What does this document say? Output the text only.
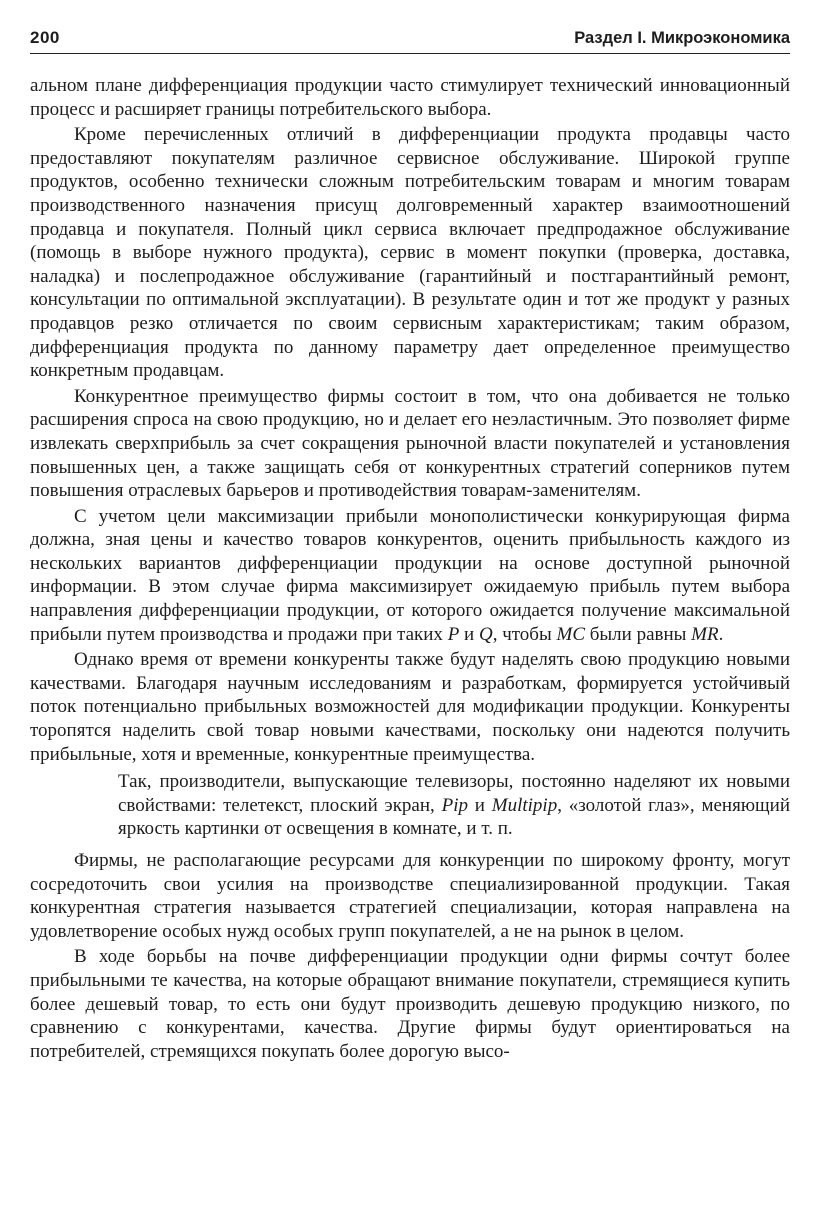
200	Раздел I. Микроэкономика

альном плане дифференциация продукции часто стимулирует технический инновационный процесс и расширяет границы потребительского выбора.

Кроме перечисленных отличий в дифференциации продукта продавцы часто предоставляют покупателям различное сервисное обслуживание. Широкой группе продуктов, особенно технически сложным потребительским товарам и многим товарам производственного назначения присущ долговременный характер взаимоотношений продавца и покупателя. Полный цикл сервиса включает предпродажное обслуживание (помощь в выборе нужного продукта), сервис в момент покупки (проверка, доставка, наладка) и послепродажное обслуживание (гарантийный и постгарантийный ремонт, консультации по оптимальной эксплуатации). В результате один и тот же продукт у разных продавцов резко отличается по своим сервисным характеристикам; таким образом, дифференциация продукта по данному параметру дает определенное преимущество конкретным продавцам.

Конкурентное преимущество фирмы состоит в том, что она добивается не только расширения спроса на свою продукцию, но и делает его неэластичным. Это позволяет фирме извлекать сверхприбыль за счет сокращения рыночной власти покупателей и установления повышенных цен, а также защищать себя от конкурентных стратегий соперников путем повышения отраслевых барьеров и противодействия товарам-заменителям.

С учетом цели максимизации прибыли монополистически конкурирующая фирма должна, зная цены и качество товаров конкурентов, оценить прибыльность каждого из нескольких вариантов дифференциации продукции на основе доступной рыночной информации. В этом случае фирма максимизирует ожидаемую прибыль путем выбора направления дифференциации продукции, от которого ожидается получение максимальной прибыли путем производства и продажи при таких P и Q, чтобы MC были равны MR.

Однако время от времени конкуренты также будут наделять свою продукцию новыми качествами. Благодаря научным исследованиям и разработкам, формируется устойчивый поток потенциально прибыльных возможностей для модификации продукции. Конкуренты торопятся наделить свой товар новыми качествами, поскольку они надеются получить прибыльные, хотя и временные, конкурентные преимущества.

Так, производители, выпускающие телевизоры, постоянно наделяют их новыми свойствами: телетекст, плоский экран, Pip и Multipip, «золотой глаз», меняющий яркость картинки от освещения в комнате, и т. п.

Фирмы, не располагающие ресурсами для конкуренции по широкому фронту, могут сосредоточить свои усилия на производстве специализированной продукции. Такая конкурентная стратегия называется стратегией специализации, которая направлена на удовлетворение особых нужд особых групп покупателей, а не на рынок в целом.

В ходе борьбы на почве дифференциации продукции одни фирмы сочтут более прибыльными те качества, на которые обращают внимание покупатели, стремящиеся купить более дешевый товар, то есть они будут производить дешевую продукцию низкого, по сравнению с конкурентами, качества. Другие фирмы будут ориентироваться на потребителей, стремящихся покупать более дорогую высо-
